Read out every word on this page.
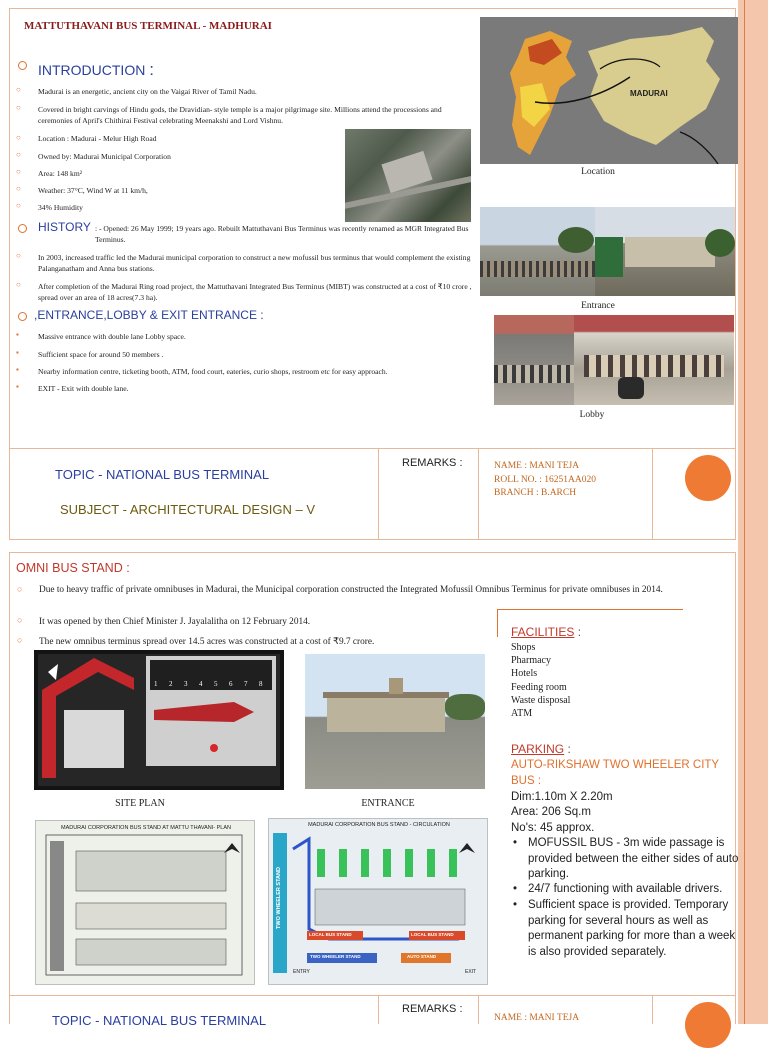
MATTUTHAVANI BUS TERMINAL - MADHURAI
INTRODUCTION :
○ Madurai is an energetic, ancient city on the Vaigai River of Tamil Nadu.
○ Covered in bright carvings of Hindu gods, the Dravidian- style temple is a major pilgrimage site. Millions attend the processions and ceremonies of April's Chithirai Festival celebrating Meenakshi and Lord Vishnu.
○ Location : Madurai - Melur High Road
○ Owned by: Madurai Municipal Corporation
○ Area: 148 km²
○ Weather: 37°C, Wind W at 11 km/h,
○ 34% Humidity
HISTORY : - Opened: 26 May 1999; 19 years ago. Rebuilt Mattuthavani Bus Terminus was recently renamed as MGR Integrated Bus Terminus.
○ In 2003, increased traffic led the Madurai municipal corporation to construct a new mofussil bus terminus that would complement the existing Palanganatham and Anna bus stations.
○ After completion of the Madurai Ring road project, the Mattuthavani Integrated Bus Terminus (MIBT) was constructed at a cost of ₹10 crore , spread over an area of 18 acres(7.3 ha).
,ENTRANCE,LOBBY & EXIT ENTRANCE :
▪	Massive entrance with double lane Lobby space.
▪	Sufficient space for around 50 members .
▪	Nearby information centre, ticketing booth, ATM, food court, eateries, curio shops, restroom etc for easy approach.
▪	EXIT - Exit with double lane.
MADURAI
Location
Entrance
Lobby
TOPIC - NATIONAL BUS TERMINAL
SUBJECT - ARCHITECTURAL DESIGN – V
REMARKS :	NAME : MANI TEJA
ROLL NO. : 16251AA020
BRANCH : B.ARCH
OMNI BUS STAND :
○ Due to heavy traffic of private omnibuses in Madurai, the Municipal corporation constructed the Integrated Mofussil Omnibus Terminus for private omnibuses in 2014.
○ It was opened by then Chief Minister J. Jayalalitha on 12 February 2014.
○ The new omnibus terminus spread over 14.5 acres was constructed at a cost of ₹9.7 crore.
FACILITIES :
Shops
Pharmacy
Hotels
Feeding room
Waste disposal
ATM
PARKING :
AUTO-RIKSHAW TWO WHEELER CITY BUS :
Dim:1.10m X 2.20m
Area: 206 Sq.m
No's: 45 approx.
• MOFUSSIL BUS - 3m wide passage is provided between the either sides of auto parking.
• 24/7 functioning with available drivers.
• Sufficient space is provided. Temporary parking for several hours as well as permanent parking for more than a week is also provided separately.
1 2 3 4 5 6 7 8
SITE PLAN	ENTRANCE
MADURAI CORPORATION BUS STAND AT MATTU THAVANI- PLAN	MADURAI CORPORATION BUS STAND - CIRCULATION
TWO WHEELER STAND
LOCAL BUS STAND	LOCAL BUS STAND
TWO WHEELER STAND	AUTO STAND
ENTRY	EXIT
TOPIC - NATIONAL BUS TERMINAL
REMARKS :
NAME : MANI TEJA
